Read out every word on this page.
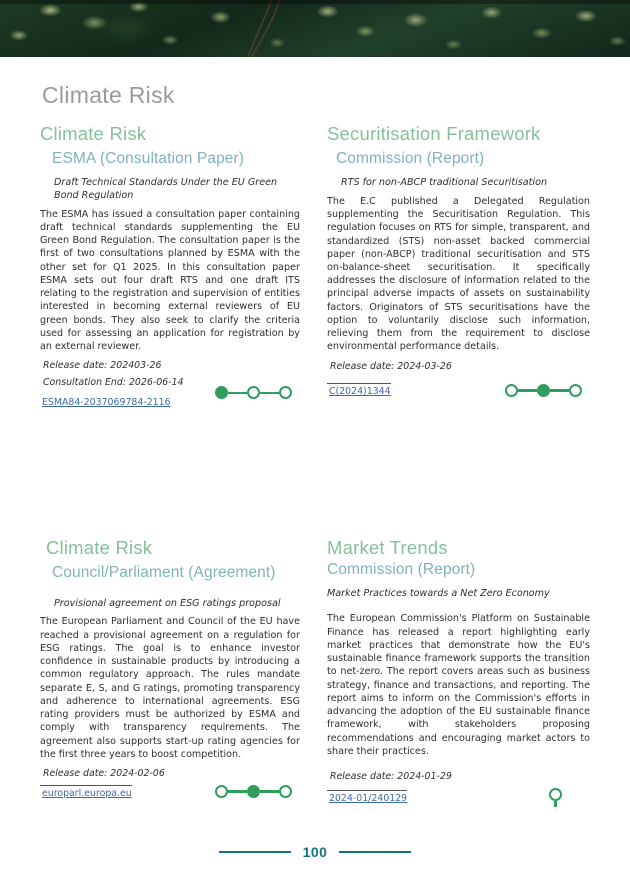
Climate Risk
Climate Risk
ESMA (Consultation Paper)
Draft Technical Standards Under the EU Green Bond Regulation
The ESMA has issued a consultation paper containing draft technical standards supplementing the EU Green Bond Regulation. The consultation paper is the first of two consultations planned by ESMA with the other set for Q1 2025. In this consultation paper ESMA sets out four draft RTS and one draft ITS relating to the registration and supervision of entities interested in becoming external reviewers of EU green bonds. They also seek to clarify the criteria used for assessing an application for registration by an external reviewer.
Release date: 202403-26
Consultation End: 2026-06-14
ESMA84-2037069784-2116
Securitisation Framework
Commission (Report)
RTS for non-ABCP traditional Securitisation
The E.C published a Delegated Regulation supplementing the Securitisation Regulation. This regulation focuses on RTS for simple, transparent, and standardized (STS) non-asset backed commercial paper (non-ABCP) traditional securitisation and STS on-balance-sheet securitisation. It specifically addresses the disclosure of information related to the principal adverse impacts of assets on sustainability factors. Originators of STS securitisations have the option to voluntarily disclose such information, relieving them from the requirement to disclose environmental performance details.
Release date: 2024-03-26
C(2024)1344
Climate Risk
Council/Parliament (Agreement)
Provisional agreement on ESG ratings proposal
The European Parliament and Council of the EU have reached a provisional agreement on a regulation for ESG ratings. The goal is to enhance investor confidence in sustainable products by introducing a common regulatory approach. The rules mandate separate E, S, and G ratings, promoting transparency and adherence to international agreements. ESG rating providers must be authorized by ESMA and comply with transparency requirements. The agreement also supports start-up rating agencies for the first three years to boost competition.
Release date: 2024-02-06
europarl.europa.eu
Market Trends
Commission (Report)
Market Practices towards a Net Zero Economy
The European Commission's Platform on Sustainable Finance has released a report highlighting early market practices that demonstrate how the EU's sustainable finance framework supports the transition to net-zero. The report covers areas such as business strategy, finance and transactions, and reporting. The report aims to inform on the Commission's efforts in advancing the adoption of the EU sustainable finance framework, with stakeholders proposing recommendations and encouraging market actors to share their practices.
Release date: 2024-01-29
2024-01/240129
100
